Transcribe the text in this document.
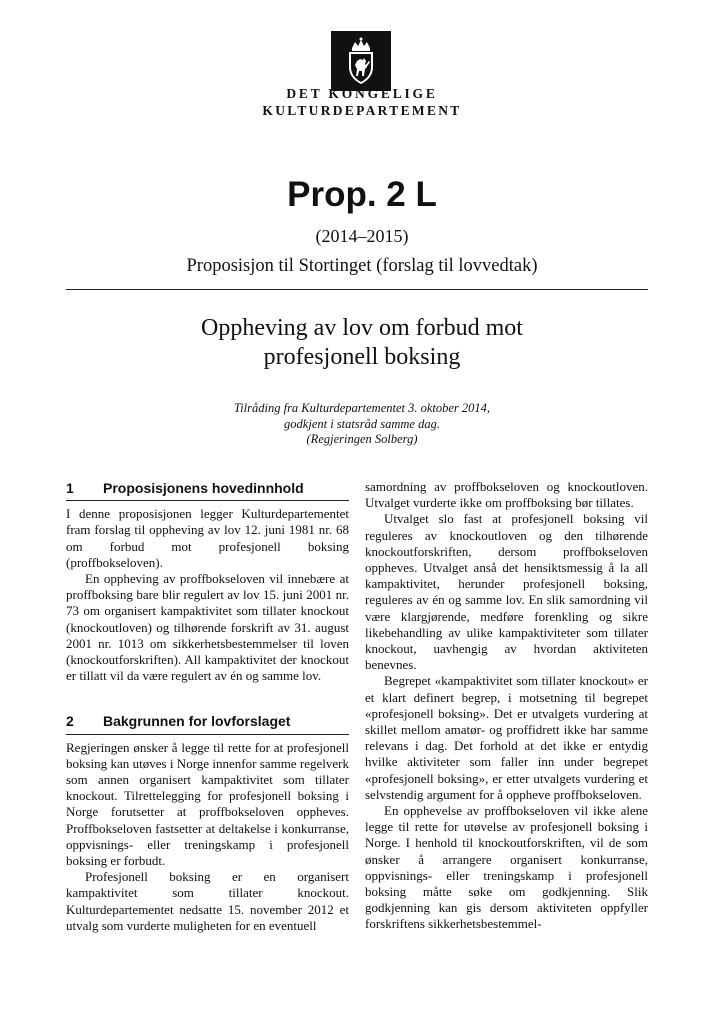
DET KONGELIGE
KULTURDEPARTEMENT
Prop. 2 L
(2014–2015)
Proposisjon til Stortinget (forslag til lovvedtak)
Oppheving av lov om forbud mot
profesjonell boksing
Tilråding fra Kulturdepartementet 3. oktober 2014,
godkjent i statsråd samme dag.
(Regjeringen Solberg)
1	Proposisjonens hovedinnhold

I denne proposisjonen legger Kulturdepartementet fram forslag til oppheving av lov 12. juni 1981 nr. 68 om forbud mot profesjonell boksing (proffbokseloven).

En oppheving av proffbokseloven vil innebære at proffboksing bare blir regulert av lov 15. juni 2001 nr. 73 om organisert kampaktivitet som tillater knockout (knockoutloven) og tilhørende forskrift av 31. august 2001 nr. 1013 om sikkerhetsbestemmelser til loven (knockoutforskriften). All kampaktivitet der knockout er tillatt vil da være regulert av én og samme lov.

2	Bakgrunnen for lovforslaget

Regjeringen ønsker å legge til rette for at profesjonell boksing kan utøves i Norge innenfor samme regelverk som annen organisert kampaktivitet som tillater knockout. Tilrettelegging for profesjonell boksing i Norge forutsetter at proffbokseloven oppheves. Proffbokseloven fastsetter at deltakelse i konkurranse, oppvisnings- eller treningskamp i profesjonell boksing er forbudt.

Profesjonell boksing er en organisert kampaktivitet som tillater knockout. Kulturdepartementet nedsatte 15. november 2012 et utvalg som vurderte muligheten for en eventuell

samordning av proffbokseloven og knockoutloven. Utvalget vurderte ikke om proffboksing bør tillates.

Utvalget slo fast at profesjonell boksing vil reguleres av knockoutloven og den tilhørende knockoutforskriften, dersom proffbokseloven oppheves. Utvalget anså det hensiktsmessig å la all kampaktivitet, herunder profesjonell boksing, reguleres av én og samme lov. En slik samordning vil være klargjørende, medføre forenkling og sikre likebehandling av ulike kampaktiviteter som tillater knockout, uavhengig av hvordan aktiviteten benevnes.

Begrepet «kampaktivitet som tillater knockout» er et klart definert begrep, i motsetning til begrepet «profesjonell boksing». Det er utvalgets vurdering at skillet mellom amatør- og proffidrett ikke har samme relevans i dag. Det forhold at det ikke er entydig hvilke aktiviteter som faller inn under begrepet «profesjonell boksing», er etter utvalgets vurdering et selvstendig argument for å oppheve proffbokseloven.

En opphevelse av proffbokseloven vil ikke alene legge til rette for utøvelse av profesjonell boksing i Norge. I henhold til knockoutforskriften, vil de som ønsker å arrangere organisert konkurranse, oppvisnings- eller treningskamp i profesjonell boksing måtte søke om godkjenning. Slik godkjenning kan gis dersom aktiviteten oppfyller forskriftens sikkerhetsbestemmel-
